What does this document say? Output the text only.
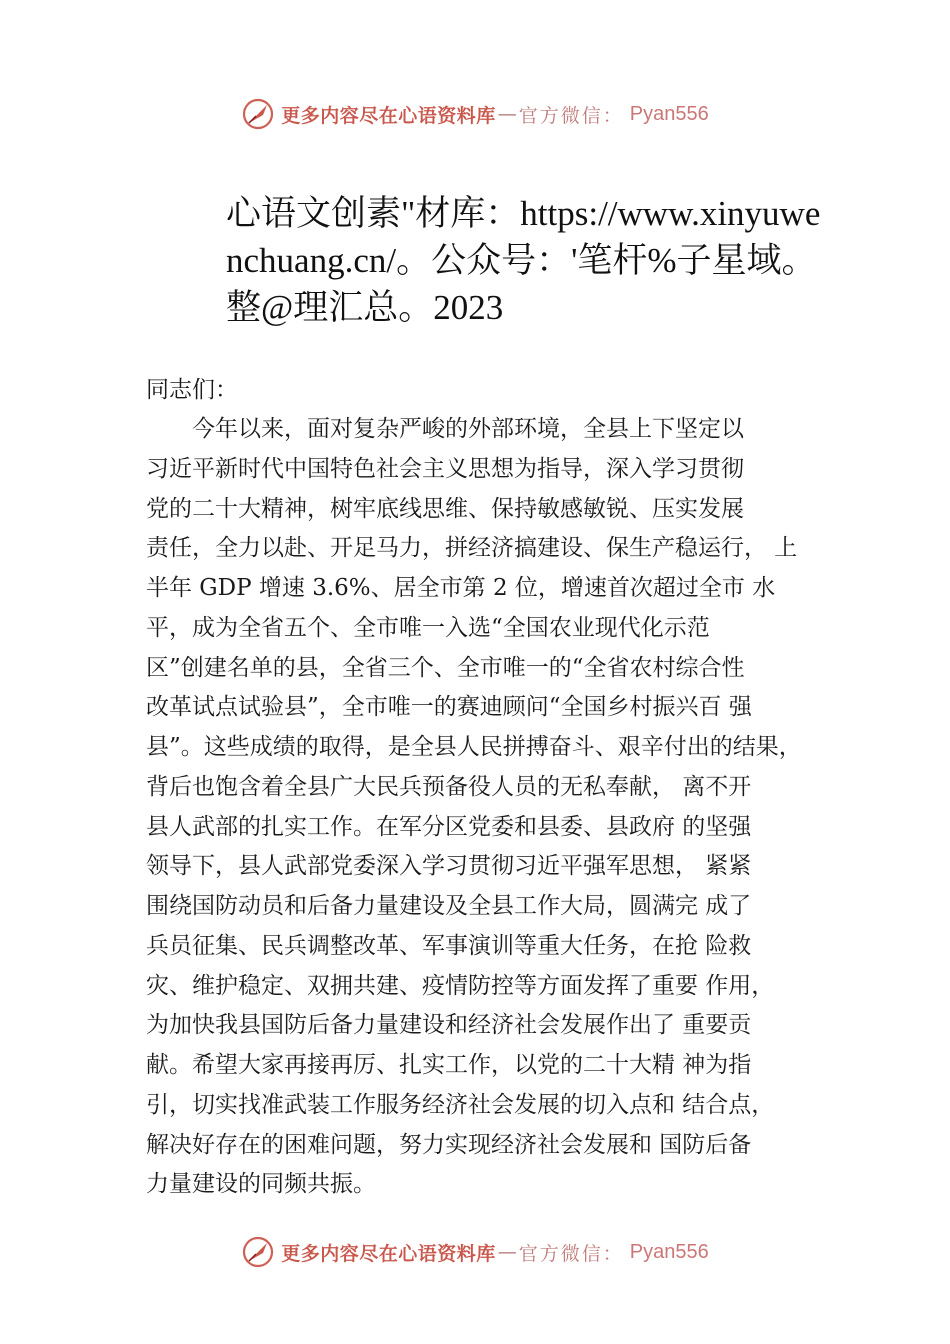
更多内容尽在心语资料库 — 官方微信： Pyan556
心语文创素"材库：https://www.xinyuwenchuang.cn/。公众号：'笔杆%子星域。整@理汇总。2023
同志们：
　　今年以来，面对复杂严峻的外部环境，全县上下坚定以
习近平新时代中国特色社会主义思想为指导，深入学习贯彻
党的二十大精神，树牢底线思维、保持敏感敏锐、压实发展
责任，全力以赴、开足马力，拼经济搞建设、保生产稳运行， 上
半年 GDP 增速 3.6%、居全市第 2 位，增速首次超过全市 水
平，成为全省五个、全市唯一入选“全国农业现代化示范
区”创建名单的县，全省三个、全市唯一的“全省农村综合性
改革试点试验县”，全市唯一的赛迪顾问“全国乡村振兴百 强
县”。这些成绩的取得，是全县人民拼搏奋斗、艰辛付出的结果，
背后也饱含着全县广大民兵预备役人员的无私奉献， 离不开
县人武部的扎实工作。在军分区党委和县委、县政府 的坚强
领导下，县人武部党委深入学习贯彻习近平强军思想， 紧紧
围绕国防动员和后备力量建设及全县工作大局，圆满完 成了
兵员征集、民兵调整改革、军事演训等重大任务，在抢 险救
灾、维护稳定、双拥共建、疫情防控等方面发挥了重要 作用，
为加快我县国防后备力量建设和经济社会发展作出了 重要贡
献。希望大家再接再厉、扎实工作，以党的二十大精 神为指
引，切实找准武装工作服务经济社会发展的切入点和 结合点，
解决好存在的困难问题，努力实现经济社会发展和 国防后备
力量建设的同频共振。
更多内容尽在心语资料库 — 官方微信： Pyan556
